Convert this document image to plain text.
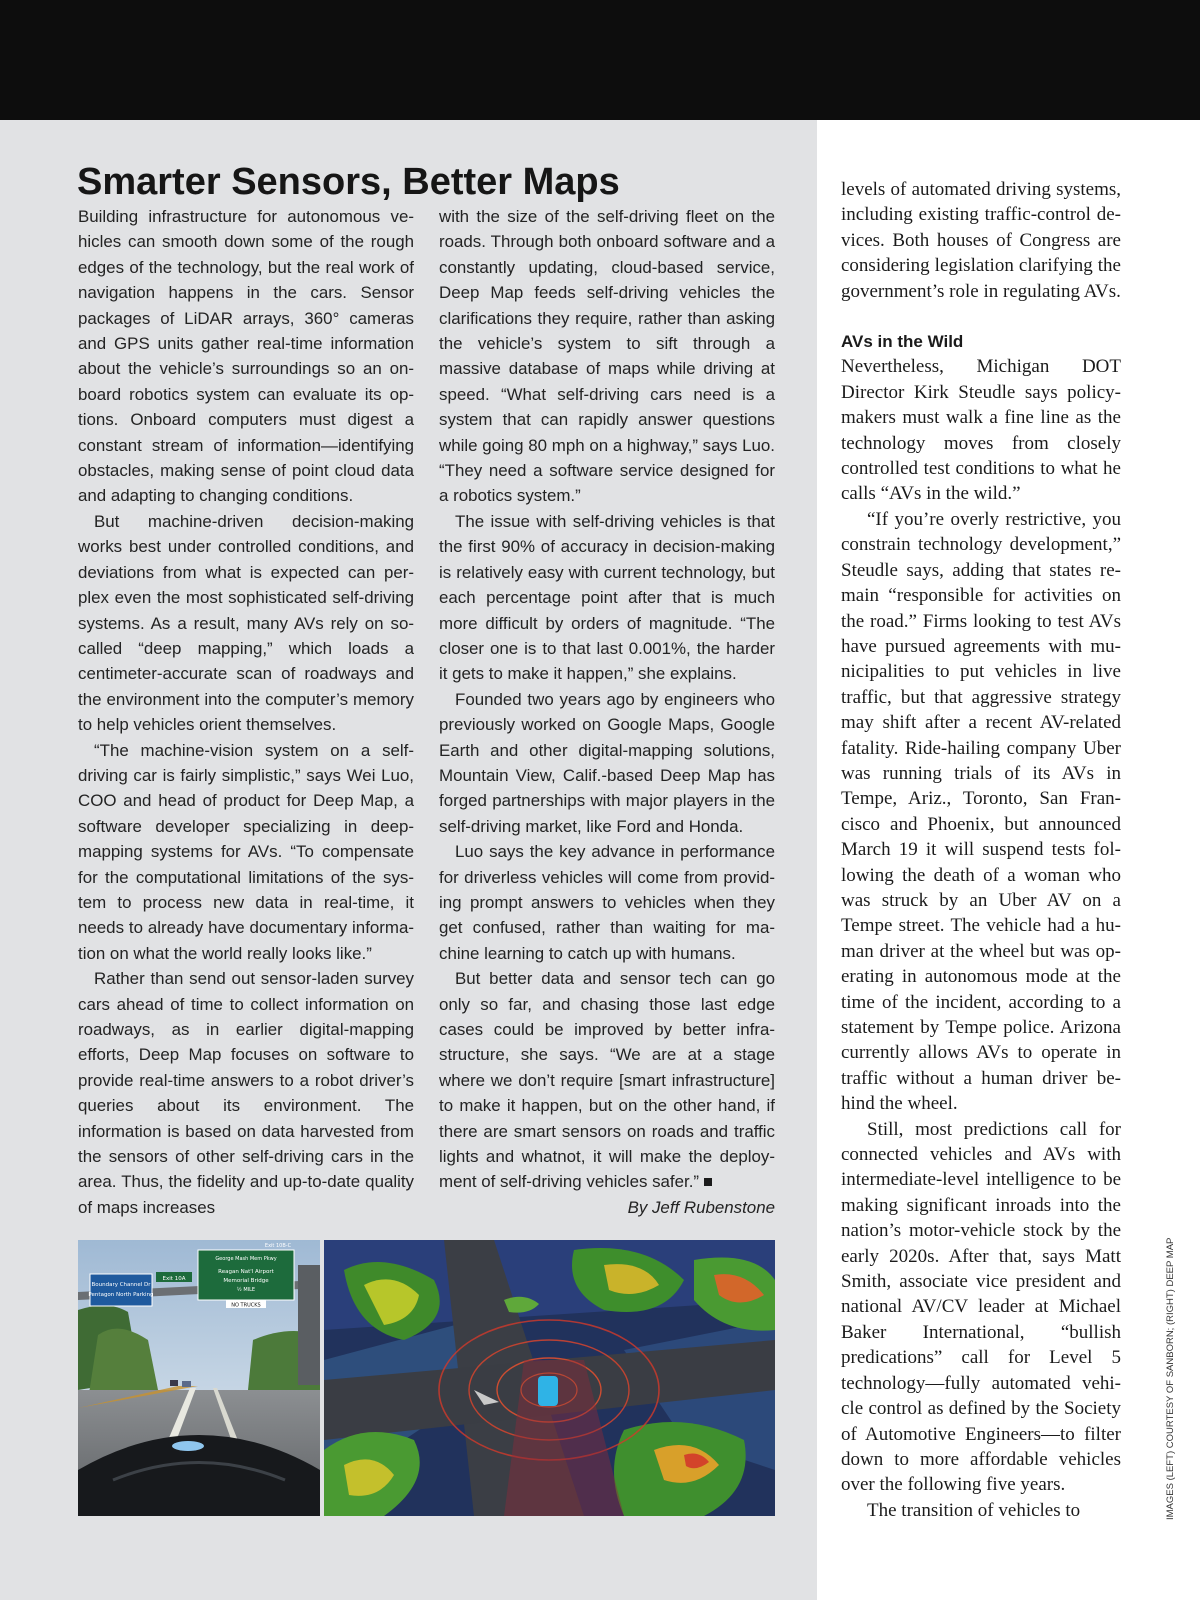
Smarter Sensors, Better Maps

Building infrastructure for autonomous vehicles can smooth down some of the rough edges of the technology, but the real work of navigation happens in the cars. Sensor packages of LiDAR arrays, 360° cameras and GPS units gather real-time information about the vehicle’s surroundings so an onboard robotics system can evaluate its options. Onboard computers must digest a constant stream of information—identifying obstacles, making sense of point cloud data and adapting to changing conditions.

But machine-driven decision-making works best under controlled conditions, and deviations from what is expected can perplex even the most sophisticated self-driving systems. As a result, many AVs rely on so-called “deep mapping,” which loads a centimeter-accurate scan of roadways and the environment into the computer’s memory to help vehicles orient themselves.

“The machine-vision system on a self-driving car is fairly simplistic,” says Wei Luo, COO and head of product for Deep Map, a software developer specializing in deep-mapping systems for AVs. “To compensate for the computational limitations of the system to process new data in real-time, it needs to already have documentary information on what the world really looks like.”

Rather than send out sensor-laden survey cars ahead of time to collect information on roadways, as in earlier digital-mapping efforts, Deep Map focuses on software to provide real-time answers to a robot driver’s queries about its environment. The information is based on data harvested from the sensors of other self-driving cars in the area. Thus, the fidelity and up-to-date quality of maps increases

with the size of the self-driving fleet on the roads. Through both onboard software and a constantly updating, cloud-based service, Deep Map feeds self-driving vehicles the clarifications they require, rather than asking the vehicle’s system to sift through a massive database of maps while driving at speed. “What self-driving cars need is a system that can rapidly answer questions while going 80 mph on a highway,” says Luo. “They need a software service designed for a robotics system.”

The issue with self-driving vehicles is that the first 90% of accuracy in decision-making is relatively easy with current technology, but each percentage point after that is much more difficult by orders of magnitude. “The closer one is to that last 0.001%, the harder it gets to make it happen,” she explains.

Founded two years ago by engineers who previously worked on Google Maps, Google Earth and other digital-mapping solutions, Mountain View, Calif.-based Deep Map has forged partnerships with major players in the self-driving market, like Ford and Honda.

Luo says the key advance in performance for driverless vehicles will come from providing prompt answers to vehicles when they get confused, rather than waiting for machine learning to catch up with humans.

But better data and sensor tech can go only so far, and chasing those last edge cases could be improved by better infrastructure, she says. “We are at a stage where we don’t require [smart infrastructure] to make it happen, but on the other hand, if there are smart sensors on roads and traffic lights and whatnot, it will make the deployment of self-driving vehicles safer.”

By Jeff Rubenstone

levels of automated driving systems, including existing traffic-control devices. Both houses of Congress are considering legislation clarifying the government’s role in regulating AVs.

AVs in the Wild

Nevertheless, Michigan DOT Director Kirk Steudle says policymakers must walk a fine line as the technology moves from closely controlled test conditions to what he calls “AVs in the wild.”

“If you’re overly restrictive, you constrain technology development,” Steudle says, adding that states remain “responsible for activities on the road.” Firms looking to test AVs have pursued agreements with municipalities to put vehicles in live traffic, but that aggressive strategy may shift after a recent AV-related fatality. Ride-hailing company Uber was running trials of its AVs in Tempe, Ariz., Toronto, San Francisco and Phoenix, but announced March 19 it will suspend tests following the death of a woman who was struck by an Uber AV on a Tempe street. The vehicle had a human driver at the wheel but was operating in autonomous mode at the time of the incident, according to a statement by Tempe police. Arizona currently allows AVs to operate in traffic without a human driver behind the wheel.

Still, most predictions call for connected vehicles and AVs with intermediate-level intelligence to be making significant inroads into the nation’s motor-vehicle stock by the early 2020s. After that, says Matt Smith, associate vice president and national AV/CV leader at Michael Baker International, “bullish predications” call for Level 5 technology—fully automated vehicle control as defined by the Society of Automotive Engineers—to filter down to more affordable vehicles over the following five years.

The transition of vehicles to

Boundary Channel Dr
Pentagon North Parking
Exit 10A
Exit 10B-C
George Mash Mem Pkwy
Reagan Nat'l Airport
Memorial Bridge
½ MILE
NO TRUCKS	IMAGES (LEFT) COURTESY OF SANBORN; (RIGHT) DEEP MAP
